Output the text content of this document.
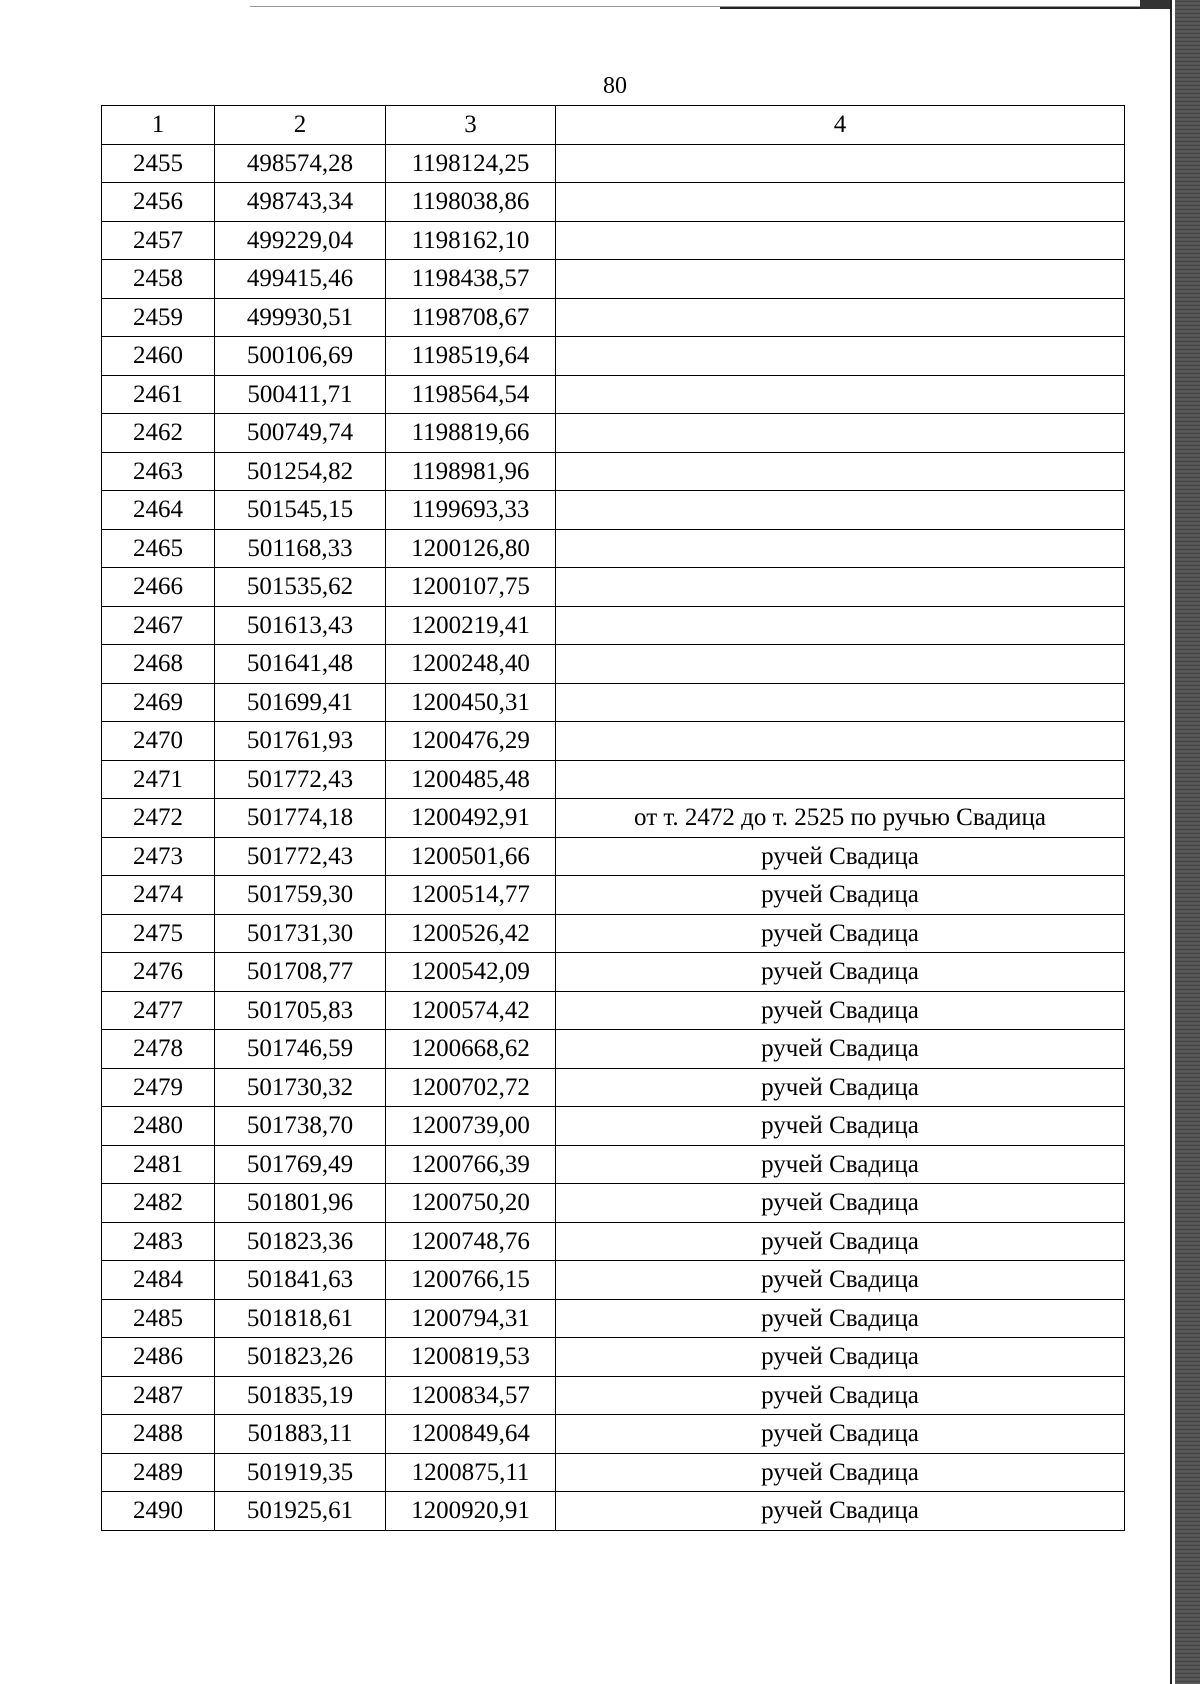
80
1	2	3	4
2455	498574,28	1198124,25	
2456	498743,34	1198038,86	
2457	499229,04	1198162,10	
2458	499415,46	1198438,57	
2459	499930,51	1198708,67	
2460	500106,69	1198519,64	
2461	500411,71	1198564,54	
2462	500749,74	1198819,66	
2463	501254,82	1198981,96	
2464	501545,15	1199693,33	
2465	501168,33	1200126,80	
2466	501535,62	1200107,75	
2467	501613,43	1200219,41	
2468	501641,48	1200248,40	
2469	501699,41	1200450,31	
2470	501761,93	1200476,29	
2471	501772,43	1200485,48	
2472	501774,18	1200492,91	от т. 2472 до т. 2525 по ручью Свадица
2473	501772,43	1200501,66	ручей Свадица
2474	501759,30	1200514,77	ручей Свадица
2475	501731,30	1200526,42	ручей Свадица
2476	501708,77	1200542,09	ручей Свадица
2477	501705,83	1200574,42	ручей Свадица
2478	501746,59	1200668,62	ручей Свадица
2479	501730,32	1200702,72	ручей Свадица
2480	501738,70	1200739,00	ручей Свадица
2481	501769,49	1200766,39	ручей Свадица
2482	501801,96	1200750,20	ручей Свадица
2483	501823,36	1200748,76	ручей Свадица
2484	501841,63	1200766,15	ручей Свадица
2485	501818,61	1200794,31	ручей Свадица
2486	501823,26	1200819,53	ручей Свадица
2487	501835,19	1200834,57	ручей Свадица
2488	501883,11	1200849,64	ручей Свадица
2489	501919,35	1200875,11	ручей Свадица
2490	501925,61	1200920,91	ручей Свадица
